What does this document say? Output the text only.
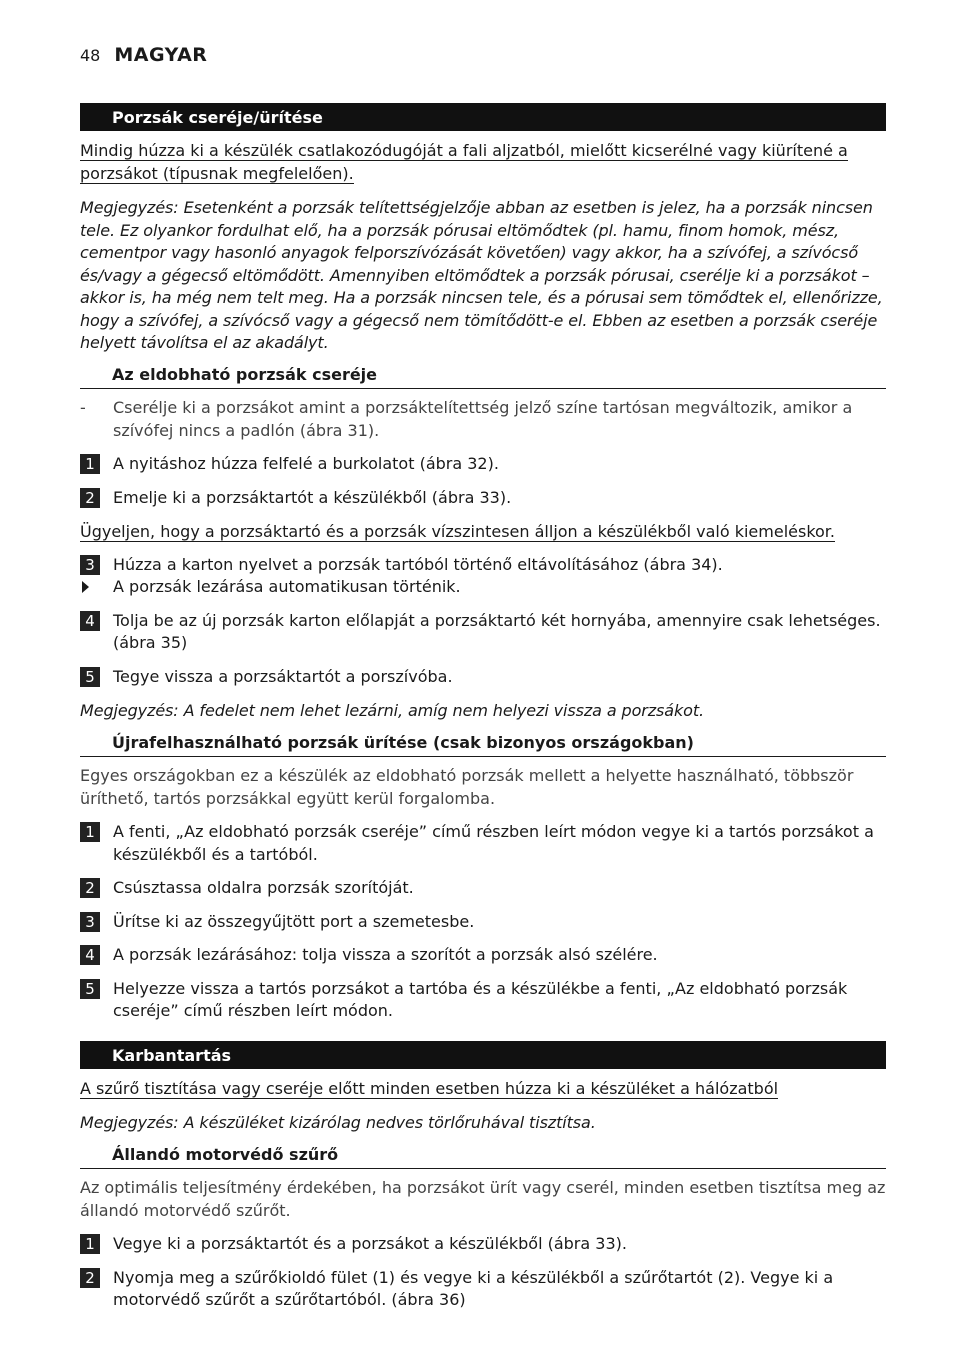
48 MAGYAR
Porzsák cseréje/ürítése
Mindig húzza ki a készülék csatlakozódugóját a fali aljzatból, mielőtt kicserélné vagy kiürítené a porzsákot (típusnak megfelelően).
Megjegyzés: Esetenként a porzsák telítettségjelzője abban az esetben is jelez, ha a porzsák nincsen tele. Ez olyankor fordulhat elő, ha a porzsák pórusai eltömődtek (pl. hamu, finom homok, mész, cementpor vagy hasonló anyagok felporszívózását követően) vagy akkor, ha a szívófej, a szívócső és/vagy a gégecső eltömődött. Amennyiben eltömődtek a porzsák pórusai, cserélje ki a porzsákot – akkor is, ha még nem telt meg. Ha a porzsák nincsen tele, és a pórusai sem tömődtek el, ellenőrizze, hogy a szívófej, a szívócső vagy a gégecső nem tömítődött-e el. Ebben az esetben a porzsák cseréje helyett távolítsa el az akadályt.
Az eldobható porzsák cseréje
-	Cserélje ki a porzsákot amint a porzsáktelítettség jelző színe tartósan megváltozik, amikor a szívófej nincs a padlón (ábra 31).
1	A nyitáshoz húzza felfelé a burkolatot (ábra 32).
2	Emelje ki a porzsáktartót a készülékből (ábra 33).
Ügyeljen, hogy a porzsáktartó és a porzsák vízszintesen álljon a készülékből való kiemeléskor.
3	Húzza a karton nyelvet a porzsák tartóból történő eltávolításához (ábra 34).
A porzsák lezárása automatikusan történik.
4	Tolja be az új porzsák karton előlapját a porzsáktartó két hornyába, amennyire csak lehetséges. (ábra 35)
5	Tegye vissza a porzsáktartót a porszívóba.
Megjegyzés: A fedelet nem lehet lezárni, amíg nem helyezi vissza a porzsákot.
Újrafelhasználható porzsák ürítése (csak bizonyos országokban)
Egyes országokban ez a készülék az eldobható porzsák mellett a helyette használható, többször üríthető, tartós porzsákkal együtt kerül forgalomba.
1	A fenti, „Az eldobható porzsák cseréje” című részben leírt módon vegye ki a tartós porzsákot a készülékből és a tartóból.
2	Csúsztassa oldalra porzsák szorítóját.
3	Ürítse ki az összegyűjtött port a szemetesbe.
4	A porzsák lezárásához: tolja vissza a szorítót a porzsák alsó szélére.
5	Helyezze vissza a tartós porzsákot a tartóba és a készülékbe a fenti, „Az eldobható porzsák cseréje” című részben leírt módon.
Karbantartás
A szűrő tisztítása vagy cseréje előtt minden esetben húzza ki a készüléket a hálózatból
Megjegyzés: A készüléket kizárólag nedves törlőruhával tisztítsa.
Állandó motorvédő szűrő
Az optimális teljesítmény érdekében, ha porzsákot ürít vagy cserél, minden esetben tisztítsa meg az állandó motorvédő szűrőt.
1	Vegye ki a porzsáktartót és a porzsákot a készülékből (ábra 33).
2	Nyomja meg a szűrőkioldó fület (1) és vegye ki a készülékből a szűrőtartót (2). Vegye ki a motorvédő szűrőt a szűrőtartóból. (ábra 36)
